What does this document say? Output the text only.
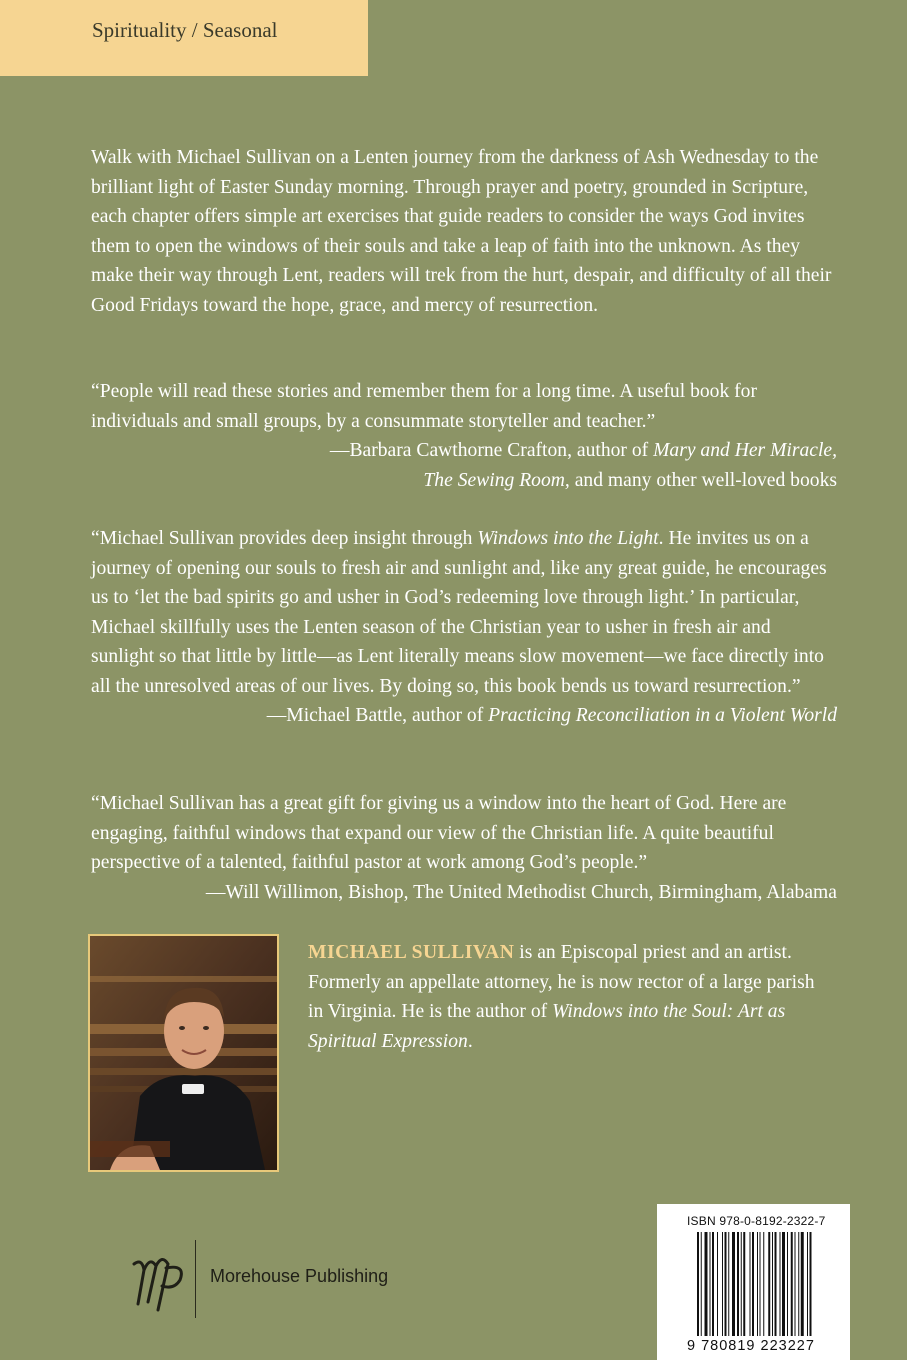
Spirituality / Seasonal

Walk with Michael Sullivan on a Lenten journey from the darkness of Ash Wednesday to the brilliant light of Easter Sunday morning. Through prayer and poetry, grounded in Scripture, each chapter offers simple art exercises that guide readers to consider the ways God invites them to open the windows of their souls and take a leap of faith into the unknown. As they make their way through Lent, readers will trek from the hurt, despair, and difficulty of all their Good Fridays toward the hope, grace, and mercy of resurrection.

“People will read these stories and remember them for a long time. A useful book for individuals and small groups, by a consummate storyteller and teacher.”

—Barbara Cawthorne Crafton, author of Mary and Her Miracle,
The Sewing Room, and many other well-loved books

“Michael Sullivan provides deep insight through Windows into the Light. He invites us on a journey of opening our souls to fresh air and sunlight and, like any great guide, he encourages us to ‘let the bad spirits go and usher in God’s redeeming love through light.’ In particular, Michael skillfully uses the Lenten season of the Christian year to usher in fresh air and sunlight so that little by little—as Lent literally means slow movement—we face directly into all the unresolved areas of our lives. By doing so, this book bends us toward resurrection.”

—Michael Battle, author of Practicing Reconciliation in a Violent World

“Michael Sullivan has a great gift for giving us a window into the heart of God. Here are engaging, faithful windows that expand our view of the Christian life. A quite beautiful perspective of a talented, faithful pastor at work among God’s people.”

—Will Willimon, Bishop, The United Methodist Church, Birmingham, Alabama

MICHAEL SULLIVAN is an Episcopal priest and an artist. Formerly an appellate attorney, he is now rector of a large parish in Virginia. He is the author of Windows into the Soul: Art as Spiritual Expression.

Morehouse Publishing
ISBN 978-0-8192-2322-7
9 780819 223227
